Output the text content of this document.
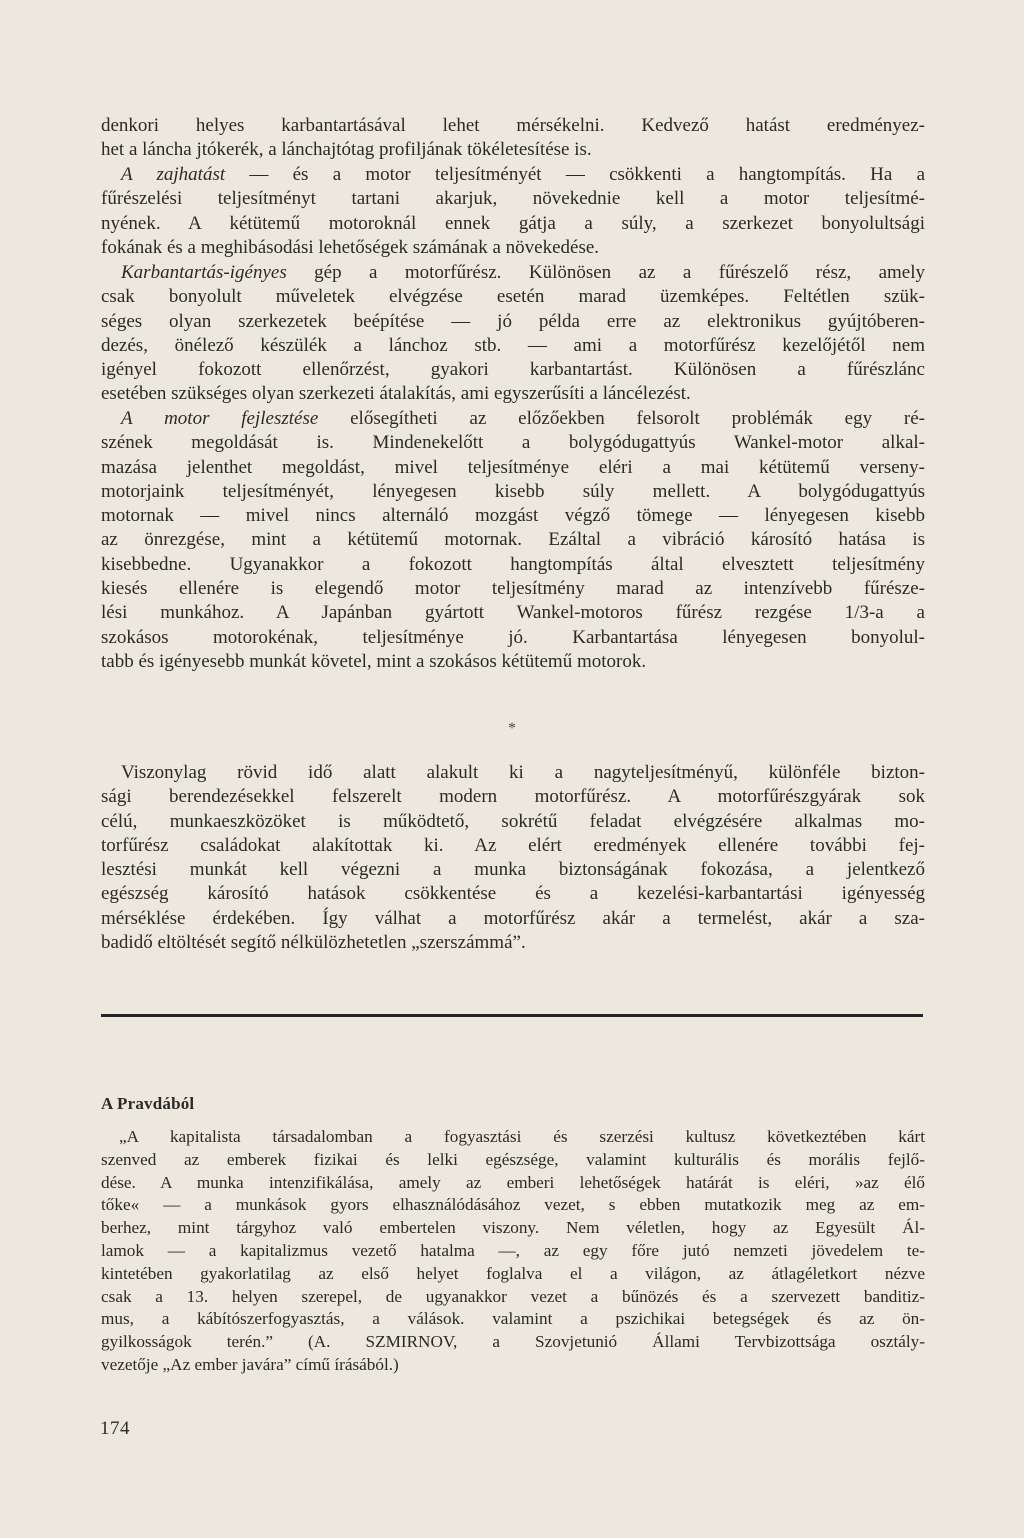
denkori helyes karbantartásával lehet mérsékelni. Kedvező hatást eredményez-
het a láncha jtókerék, a lánchajtótag profiljának tökéletesítése is.
A zajhatást — és a motor teljesítményét — csökkenti a hangtompítás. Ha a
fűrészelési teljesítményt tartani akarjuk, növekednie kell a motor teljesítmé-
nyének. A kétütemű motoroknál ennek gátja a súly, a szerkezet bonyolultsági
fokának és a meghibásodási lehetőségek számának a növekedése.
Karbantartás-igényes gép a motorfűrész. Különösen az a fűrészelő rész, amely
csak bonyolult műveletek elvégzése esetén marad üzemképes. Feltétlen szük-
séges olyan szerkezetek beépítése — jó példa erre az elektronikus gyújtóberen-
dezés, önélező készülék a lánchoz stb. — ami a motorfűrész kezelőjétől nem
igényel fokozott ellenőrzést, gyakori karbantartást. Különösen a fűrészlánc
esetében szükséges olyan szerkezeti átalakítás, ami egyszerűsíti a láncélezést.
A motor fejlesztése elősegítheti az előzőekben felsorolt problémák egy ré-
szének megoldását is. Mindenekelőtt a bolygódugattyús Wankel-motor alkal-
mazása jelenthet megoldást, mivel teljesítménye eléri a mai kétütemű verseny-
motorjaink teljesítményét, lényegesen kisebb súly mellett. A bolygódugattyús
motornak — mivel nincs alternáló mozgást végző tömege — lényegesen kisebb
az önrezgése, mint a kétütemű motornak. Ezáltal a vibráció károsító hatása is
kisebbedne. Ugyanakkor a fokozott hangtompítás által elvesztett teljesítmény
kiesés ellenére is elegendő motor teljesítmény marad az intenzívebb fűrésze-
lési munkához. A Japánban gyártott Wankel-motoros fűrész rezgése 1/3-a a
szokásos motorokénak, teljesítménye jó. Karbantartása lényegesen bonyolul-
tabb és igényesebb munkát követel, mint a szokásos kétütemű motorok.
*
Viszonylag rövid idő alatt alakult ki a nagyteljesítményű, különféle bizton-
sági berendezésekkel felszerelt modern motorfűrész. A motorfűrészgyárak sok
célú, munkaeszközöket is működtető, sokrétű feladat elvégzésére alkalmas mo-
torfűrész családokat alakítottak ki. Az elért eredmények ellenére további fej-
lesztési munkát kell végezni a munka biztonságának fokozása, a jelentkező
egészség károsító hatások csökkentése és a kezelési-karbantartási igényesség
mérséklése érdekében. Így válhat a motorfűrész akár a termelést, akár a sza-
badidő eltöltését segítő nélkülözhetetlen „szerszámmá”.
A Pravdából
„A kapitalista társadalomban a fogyasztási és szerzési kultusz következtében kárt
szenved az emberek fizikai és lelki egészsége, valamint kulturális és morális fejlő-
dése. A munka intenzifikálása, amely az emberi lehetőségek határát is eléri, »az élő
tőke« — a munkások gyors elhasználódásához vezet, s ebben mutatkozik meg az em-
berhez, mint tárgyhoz való embertelen viszony. Nem véletlen, hogy az Egyesült Ál-
lamok — a kapitalizmus vezető hatalma —, az egy főre jutó nemzeti jövedelem te-
kintetében gyakorlatilag az első helyet foglalva el a világon, az átlagéletkort nézve
csak a 13. helyen szerepel, de ugyanakkor vezet a bűnözés és a szervezett banditiz-
mus, a kábítószerfogyasztás, a válások. valamint a pszichikai betegségek és az ön-
gyilkosságok terén.” (A. SZMIRNOV, a Szovjetunió Állami Tervbizottsága osztály-
vezetője „Az ember javára” című írásából.)
174
